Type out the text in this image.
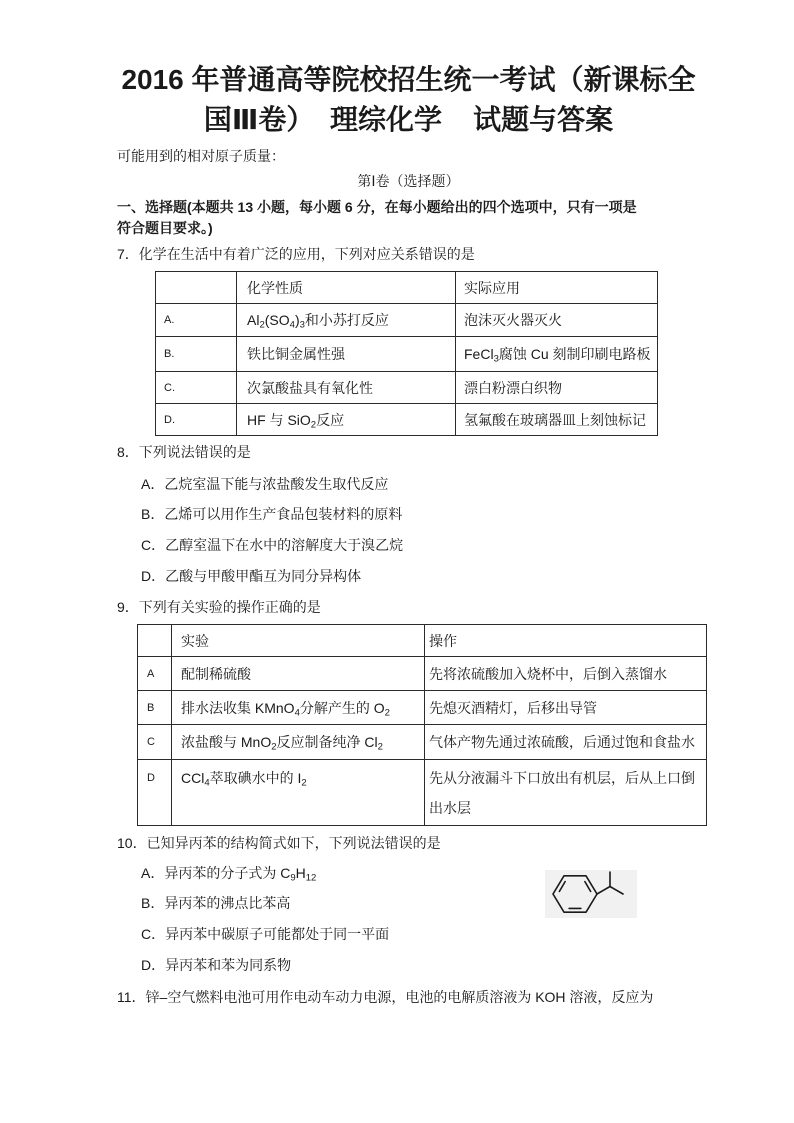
2016 年普通高等院校招生统一考试（新课标全
国Ⅲ卷）  理综化学    试题与答案
可能用到的相对原子质量：
第Ⅰ卷（选择题）
一、选择题(本题共 13 小题，每小题 6 分，在每小题给出的四个选项中，只有一项是
符合题目要求。)
7．化学在生活中有着广泛的应用，下列对应关系错误的是
	化学性质	实际应用
A.	$Al_2(SO_4)_3$和小苏打反应	泡沫灭火器灭火
B.	铁比铜金属性强	FeCl$_3$腐蚀 Cu 刻制印刷电路板
C.	次氯酸盐具有氧化性	漂白粉漂白织物
D.	HF 与 SiO$_2$反应	氢氟酸在玻璃器皿上刻蚀标记
8．下列说法错误的是
A．乙烷室温下能与浓盐酸发生取代反应
B．乙烯可以用作生产食品包装材料的原料
C．乙醇室温下在水中的溶解度大于溴乙烷
D．乙酸与甲酸甲酯互为同分异构体
9．下列有关实验的操作正确的是
	实验	操作
A	配制稀硫酸	先将浓硫酸加入烧杯中，后倒入蒸馏水
B	排水法收集 KMnO$_4$分解产生的 $O_2$	先熄灭酒精灯，后移出导管
C	浓盐酸与 MnO$_2$反应制备纯净 $Cl_2$	气体产物先通过浓硫酸，后通过饱和食盐水
D	CCl$_4$萃取碘水中的 $I_2$	先从分液漏斗下口放出有机层，后从上口倒出水层
10．已知异丙苯的结构简式如下，下列说法错误的是
A．异丙苯的分子式为 $C_9H_{12}$
B．异丙苯的沸点比苯高
C．异丙苯中碳原子可能都处于同一平面
D．异丙苯和苯为同系物
11．锌–空气燃料电池可用作电动车动力电源，电池的电解质溶液为 KOH 溶液，反应为
